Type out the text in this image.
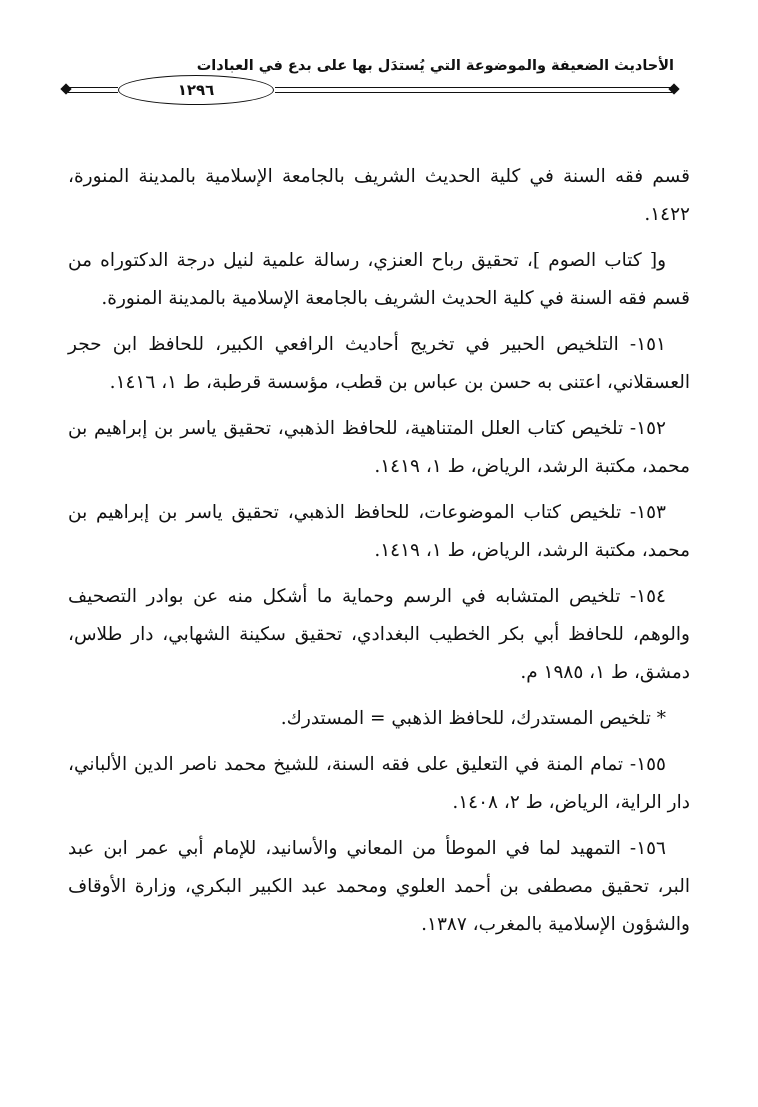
الأحاديث الضعيفة والموضوعة التي يُستدَل بها على بدع في العبادات
١٢٩٦

قسم فقه السنة في كلية الحديث الشريف بالجامعة الإسلامية بالمدينة المنورة، ١٤٢٢.

و[ كتاب الصوم ]، تحقيق رباح العنزي، رسالة علمية لنيل درجة الدكتوراه من قسم فقه السنة في كلية الحديث الشريف بالجامعة الإسلامية بالمدينة المنورة.

١٥١- التلخيص الحبير في تخريج أحاديث الرافعي الكبير، للحافظ ابن حجر العسقلاني، اعتنى به حسن بن عباس بن قطب، مؤسسة قرطبة، ط ١، ١٤١٦.

١٥٢- تلخيص كتاب العلل المتناهية، للحافظ الذهبي، تحقيق ياسر بن إبراهيم بن محمد، مكتبة الرشد، الرياض، ط ١، ١٤١٩.

١٥٣- تلخيص كتاب الموضوعات، للحافظ الذهبي، تحقيق ياسر بن إبراهيم بن محمد، مكتبة الرشد، الرياض، ط ١، ١٤١٩.

١٥٤- تلخيص المتشابه في الرسم وحماية ما أشكل منه عن بوادر التصحيف والوهم، للحافظ أبي بكر الخطيب البغدادي، تحقيق سكينة الشهابي، دار طلاس، دمشق، ط ١، ١٩٨٥ م.

* تلخيص المستدرك، للحافظ الذهبي = المستدرك.

١٥٥- تمام المنة في التعليق على فقه السنة، للشيخ محمد ناصر الدين الألباني، دار الراية، الرياض، ط ٢، ١٤٠٨.

١٥٦- التمهيد لما في الموطأ من المعاني والأسانيد، للإمام أبي عمر ابن عبد البر، تحقيق مصطفى بن أحمد العلوي ومحمد عبد الكبير البكري، وزارة الأوقاف والشؤون الإسلامية بالمغرب، ١٣٨٧.
